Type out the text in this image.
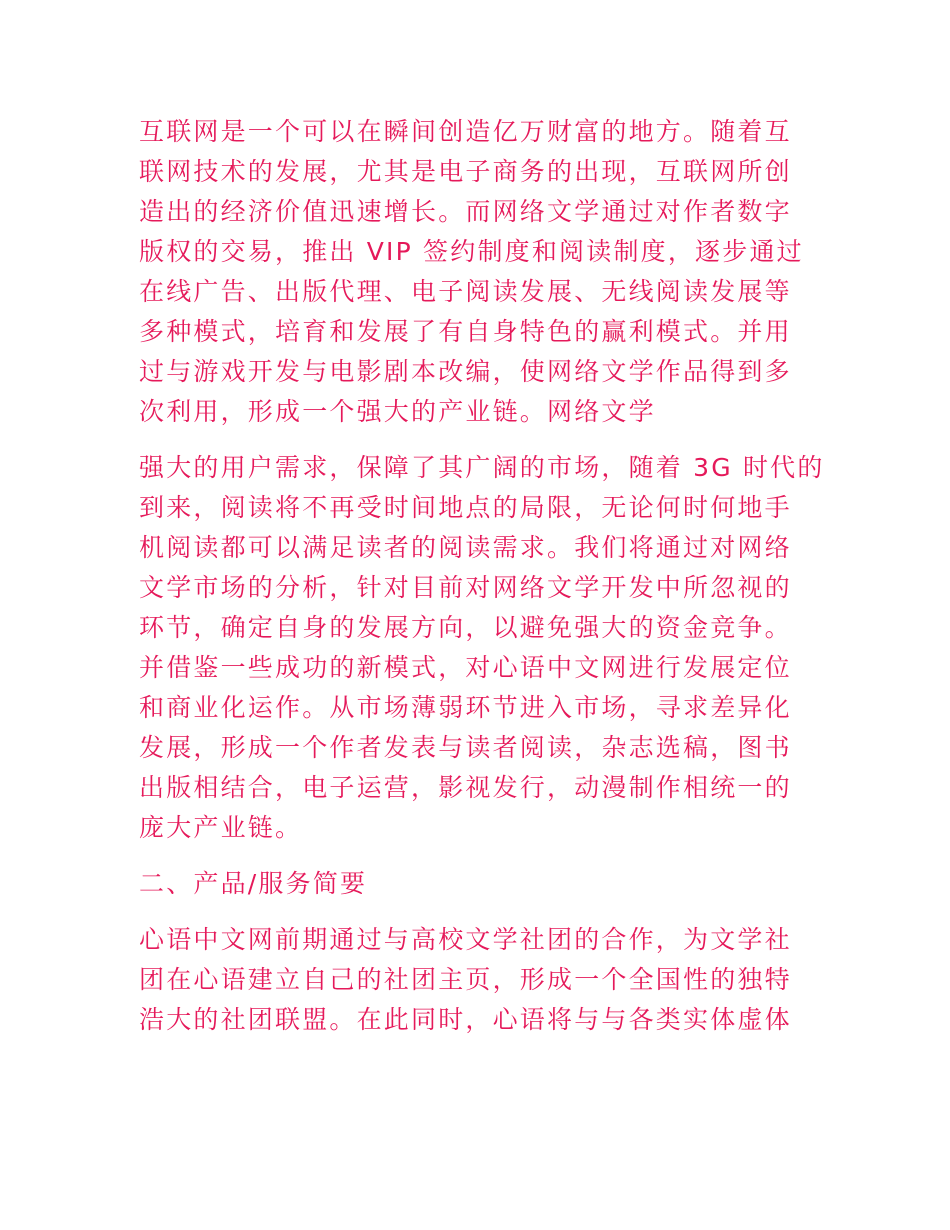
互联网是一个可以在瞬间创造亿万财富的地方。随着互
联网技术的发展，尤其是电子商务的出现，互联网所创
造出的经济价值迅速增长。而网络文学通过对作者数字
版权的交易，推出 VIP 签约制度和阅读制度，逐步通过
在线广告、出版代理、电子阅读发展、无线阅读发展等
多种模式，培育和发展了有自身特色的赢利模式。并用
过与游戏开发与电影剧本改编，使网络文学作品得到多
次利用，形成一个强大的产业链。网络文学
强大的用户需求，保障了其广阔的市场，随着 3G 时代的
到来，阅读将不再受时间地点的局限，无论何时何地手
机阅读都可以满足读者的阅读需求。我们将通过对网络
文学市场的分析，针对目前对网络文学开发中所忽视的
环节，确定自身的发展方向，以避免强大的资金竞争。
并借鉴一些成功的新模式，对心语中文网进行发展定位
和商业化运作。从市场薄弱环节进入市场，寻求差异化
发展，形成一个作者发表与读者阅读，杂志选稿，图书
出版相结合，电子运营，影视发行，动漫制作相统一的
庞大产业链。
二、产品/服务简要
心语中文网前期通过与高校文学社团的合作，为文学社
团在心语建立自己的社团主页，形成一个全国性的独特
浩大的社团联盟。在此同时，心语将与与各类实体虚体
